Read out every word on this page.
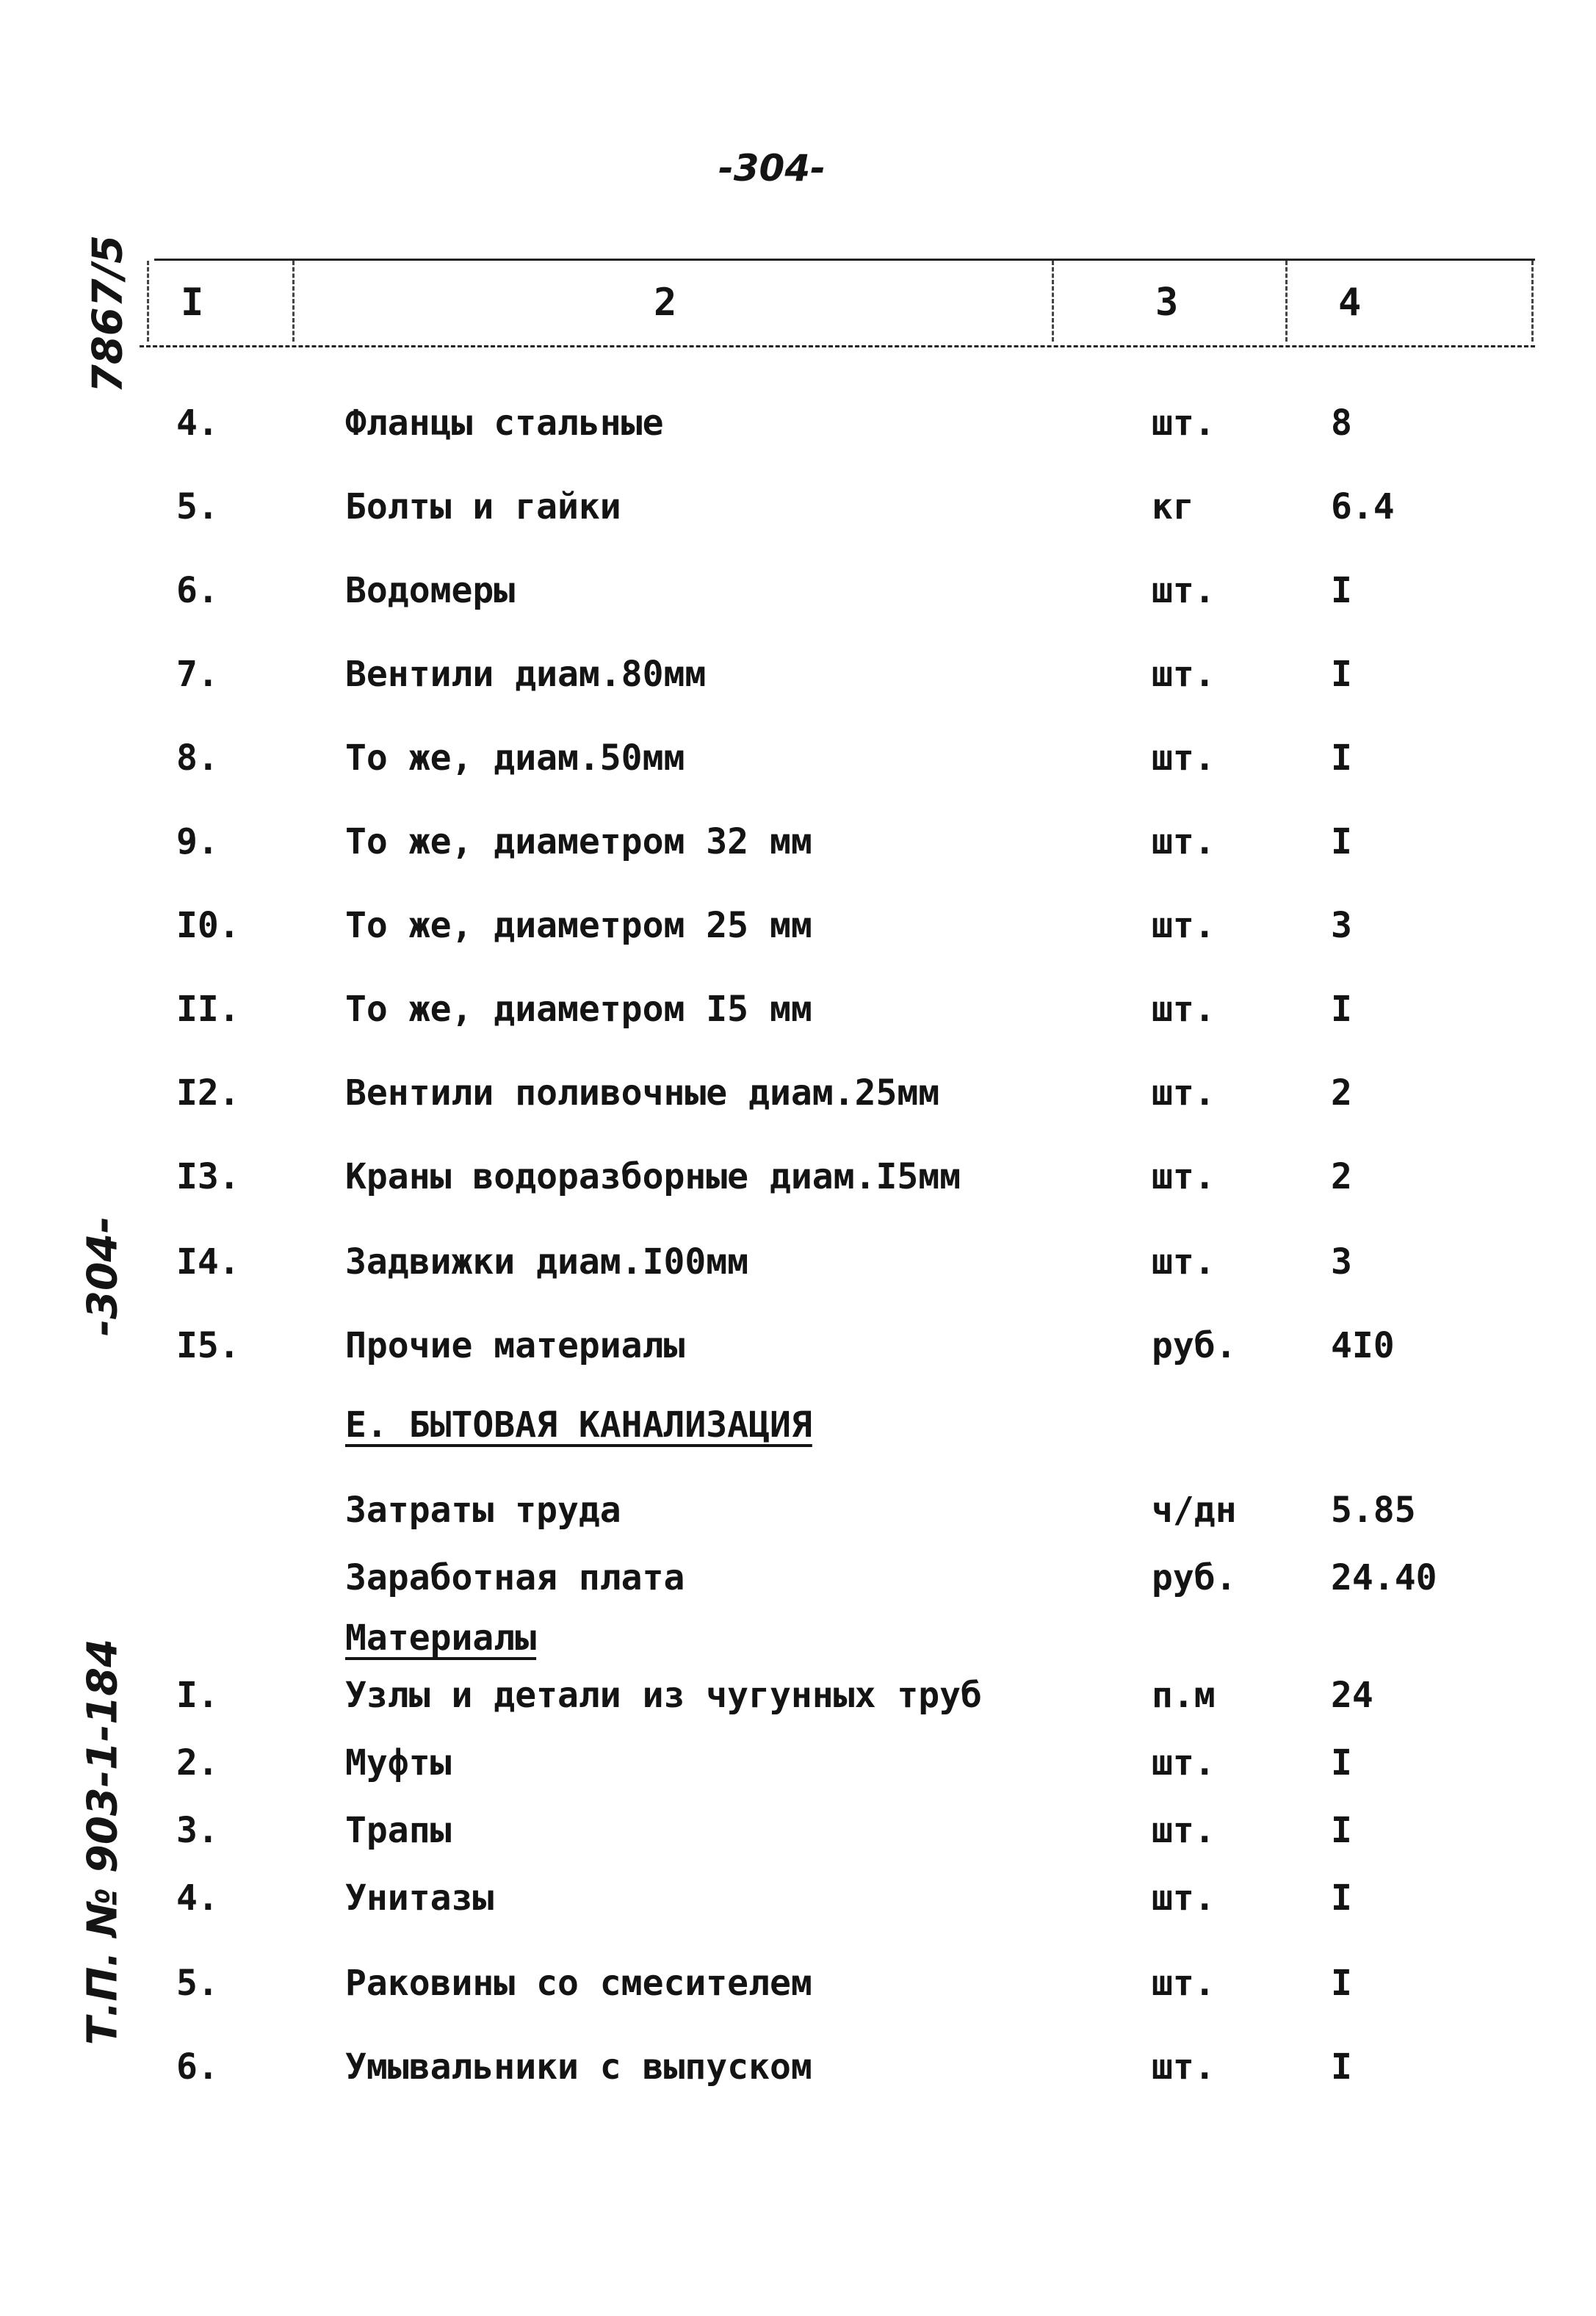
-304-
7867/5
-304-
Т.П. № 903-1-184
I	2	3	4
4.	Фланцы стальные	шт.	8
5.	Болты и гайки	кг	6.4
6.	Водомеры	шт.	I
7.	Вентили диам.80мм	шт.	I
8.	То же, диам.50мм	шт.	I
9.	То же, диаметром 32 мм	шт.	I
I0.	То же, диаметром 25 мм	шт.	3
II.	То же, диаметром I5 мм	шт.	I
I2.	Вентили поливочные диам.25мм	шт.	2
I3.	Краны водоразборные диам.I5мм	шт.	2
I4.	Задвижки диам.I00мм	шт.	3
I5.	Прочие материалы	руб.	4I0
Е. БЫТОВАЯ КАНАЛИЗАЦИЯ
Затраты труда	ч/дн	5.85
Заработная плата	руб.	24.40
Материалы
I.	Узлы и детали из чугунных труб	п.м	24
2.	Муфты	шт.	I
3.	Трапы	шт.	I
4.	Унитазы	шт.	I
5.	Раковины со смесителем	шт.	I
6.	Умывальники с выпуском	шт.	I
